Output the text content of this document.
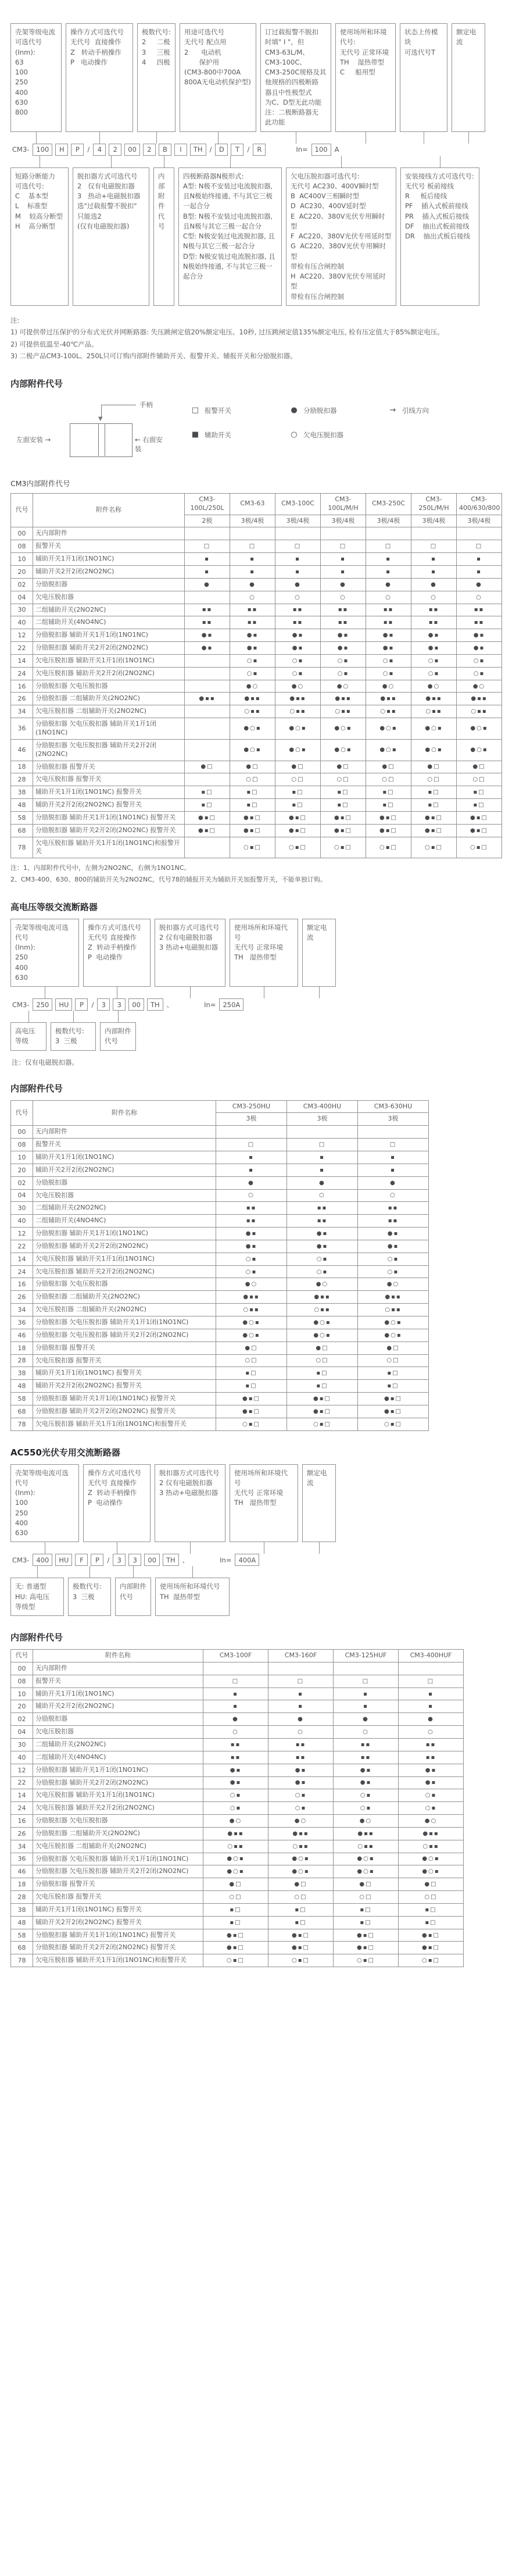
壳架等级电流
可选代号
(Inm):
63
100
250
400
630
800
操作方式可选代号
无代号  直接操作
Z   转动手柄操作
P   电动操作
极数代号:
2     二极
3     三极
4     四极
用途可选代号
无代号 配点用
2      电动机
保护用
(CM3-800中700A
800A无电动机保护型)
订过载报警不脱扣
时填" I "，但
CM3-63L/M、
CM3-100C、
CM3-250C规格及其
他规格的四极断路
器且中性极型式
为C、D型无此功能
注：二极断路器无
此功能
使用场所和环境
代号:
无代号 正常环境
TH    湿热带型
C     船用型
状态上传模块
可选代号T
额定电流
CM3-	100	H	P	/	4	2	00	2	B	I	TH	/	D	T	/	R	In=	100	A
短路分断能力
可选代号:
C    基本型
L    标准型
M    较高分断型
H    高分断型
脱扣器方式可选代号
2   仅有电磁脱扣器
3   热动+电磁脱扣器
选"过载报警不脱扣"
只能选2
(仅有电磁脱扣器)
内部
附件
代号
四极断路器N极形式:
A型: N极不安装过电流脱扣器, 且N极始终接通, 不与其它三极一起合分
B型: N极不安装过电流脱扣器, 且N极与其它三极一起合分
C型: N极安装过电流脱扣器, 且N极与其它三极一起合分
D型: N极安装过电流脱扣器, 且N极始终接通, 不与其它三极一起合分
欠电压脱扣器可选代号:
无代号 AC230、400V瞬时型
B  AC400V三相瞬时型
D  AC230、400V延时型
E  AC220、380V光伏专用瞬时型
F  AC220、380V光伏专用延时型
G  AC220、380V光伏专用瞬时型
带检有压合闸控制
H  AC220、380V光伏专用延时型
带检有压合闸控制
安装接线方式可选代号:
无代号 板前接线
R     板后接线
PF    插入式板前接线
PR    插入式板后接线
DF    抽出式板前接线
DR    抽出式板后接线

注:

1) 可提供带过压保护的分布式光伏并网断路器: 失压跳闸定值20%额定电压、10秒, 过压跳闸定值135%额定电压, 检有压定值大于85%额定电压。

2) 可提供低温至-40℃产品。

3) 二极产品CM3-100L、250L只可订购内部附件辅助开关、报警开关、辅报开关和分励脱扣器。

内部附件代号
▼
手柄
左面安装 →	← 右面安装
□ 报警开关	● 分励脱扣器	→ 引线方向
■ 辅助开关	○ 欠电压脱扣器
CM3内部附件代号
代号	附件名称	CM3-100L/250L	CM3-63	CM3-100C	CM3-100L/M/H	CM3-250C	CM3-250L/M/H	CM3-400/630/800
		2极	3极/4极	3极/4极	3极/4极	3极/4极	3极/4极	3极/4极
00	无内部附件							
08	报警开关	□	□	□	□	□	□	□
10	辅助开关1开1闭(1NO1NC)	▪	▪	▪	▪	▪	▪	▪
20	辅助开关2开2闭(2NO2NC)	▪	▪	▪	▪	▪	▪	▪
02	分励脱扣器	●	●	●	●	●	●	●
04	欠电压脱扣器		○	○	○	○	○	○
30	二组辅助开关(2NO2NC)	▪▪	▪▪	▪▪	▪▪	▪▪	▪▪	▪▪
40	二组辅助开关(4NO4NC)	▪▪	▪▪	▪▪	▪▪	▪▪	▪▪	▪▪
12	分励脱扣器 辅助开关1开1闭(1NO1NC)	●▪	●▪	●▪	●▪	●▪	●▪	●▪
22	分励脱扣器 辅助开关2开2闭(2NO2NC)	●▪	●▪	●▪	●▪	●▪	●▪	●▪
14	欠电压脱扣器 辅助开关1开1闭(1NO1NC)		○▪	○▪	○▪	○▪	○▪	○▪
24	欠电压脱扣器 辅助开关2开2闭(2NO2NC)		○▪	○▪	○▪	○▪	○▪	○▪
16	分励脱扣器 欠电压脱扣器		●○	●○	●○	●○	●○	●○
26	分励脱扣器 二组辅助开关(2NO2NC)	●▪▪	●▪▪	●▪▪	●▪▪	●▪▪	●▪▪	●▪▪
34	欠电压脱扣器 二组辅助开关(2NO2NC)		○▪▪	○▪▪	○▪▪	○▪▪	○▪▪	○▪▪
36	分励脱扣器 欠电压脱扣器 辅助开关1开1闭(1NO1NC)		●○▪	●○▪	●○▪	●○▪	●○▪	●○▪
46	分励脱扣器 欠电压脱扣器 辅助开关2开2闭(2NO2NC)		●○▪	●○▪	●○▪	●○▪	●○▪	●○▪
18	分励脱扣器 报警开关	●□	●□	●□	●□	●□	●□	●□
28	欠电压脱扣器 报警开关		○□	○□	○□	○□	○□	○□
38	辅助开关1开1闭(1NO1NC) 报警开关	▪□	▪□	▪□	▪□	▪□	▪□	▪□
48	辅助开关2开2闭(2NO2NC) 报警开关	▪□	▪□	▪□	▪□	▪□	▪□	▪□
58	分励脱扣器 辅助开关1开1闭(1NO1NC) 报警开关	●▪□	●▪□	●▪□	●▪□	●▪□	●▪□	●▪□
68	分励脱扣器 辅助开关2开2闭(2NO2NC) 报警开关	●▪□	●▪□	●▪□	●▪□	●▪□	●▪□	●▪□
78	欠电压脱扣器 辅助开关1开1闭(1NO1NC)和报警开关		○▪□	○▪□	○▪□	○▪□	○▪□	○▪□

注：1、内部附件代号中，左侧为2NO2NC，右侧为1NO1NC。

2、CM3-400、630、800的辅助开关为2NO2NC，代号78的辅报开关为辅助开关加报警开关，不能单独订购。

高电压等级交流断路器
壳架等级电流可选代号
(Inm):
250
400
630
操作方式可选代号
无代号 直接操作
Z  转动手柄操作
P  电动操作
脱扣器方式可选代号
2 仅有电磁脱扣器
3 热动+电磁脱扣器
使用场所和环境代号
无代号 正常环境
TH   湿热带型
额定电流
CM3-	250	HU	P	/	3	3	00	TH	、	In=	250A
高电压
等级
极数代号:
3  三极
内部附件
代号
注：仅有电磁脱扣器。
内部附件代号
代号	附件名称	CM3-250HU	CM3-400HU	CM3-630HU
		3极	3极	3极
00	无内部附件			
08	报警开关	□	□	□
10	辅助开关1开1闭(1NO1NC)	▪	▪	▪
20	辅助开关2开2闭(2NO2NC)	▪	▪	▪
02	分励脱扣器	●	●	●
04	欠电压脱扣器	○	○	○
30	二组辅助开关(2NO2NC)	▪▪	▪▪	▪▪
40	二组辅助开关(4NO4NC)	▪▪	▪▪	▪▪
12	分励脱扣器 辅助开关1开1闭(1NO1NC)	●▪	●▪	●▪
22	分励脱扣器 辅助开关2开2闭(2NO2NC)	●▪	●▪	●▪
14	欠电压脱扣器 辅助开关1开1闭(1NO1NC)	○▪	○▪	○▪
24	欠电压脱扣器 辅助开关2开2闭(2NO2NC)	○▪	○▪	○▪
16	分励脱扣器 欠电压脱扣器	●○	●○	●○
26	分励脱扣器 二组辅助开关(2NO2NC)	●▪▪	●▪▪	●▪▪
34	欠电压脱扣器 二组辅助开关(2NO2NC)	○▪▪	○▪▪	○▪▪
36	分励脱扣器 欠电压脱扣器 辅助开关1开1闭(1NO1NC)	●○▪	●○▪	●○▪
46	分励脱扣器 欠电压脱扣器 辅助开关2开2闭(2NO2NC)	●○▪	●○▪	●○▪
18	分励脱扣器 报警开关	●□	●□	●□
28	欠电压脱扣器 报警开关	○□	○□	○□
38	辅助开关1开1闭(1NO1NC) 报警开关	▪□	▪□	▪□
48	辅助开关2开2闭(2NO2NC) 报警开关	▪□	▪□	▪□
58	分励脱扣器 辅助开关1开1闭(1NO1NC) 报警开关	●▪□	●▪□	●▪□
68	分励脱扣器 辅助开关2开2闭(2NO2NC) 报警开关	●▪□	●▪□	●▪□
78	欠电压脱扣器 辅助开关1开1闭(1NO1NC)和报警开关	○▪□	○▪□	○▪□
AC550光伏专用交流断路器
壳架等级电流可选代号
(Inm):
100
250
400
630
操作方式可选代号
无代号 直接操作
Z  转动手柄操作
P  电动操作
脱扣器方式可选代号
2 仅有电磁脱扣器
3 热动+电磁脱扣器
使用场所和环境代号
无代号 正常环境
TH   湿热带型
额定电流
CM3-	400	HU	F	P	/	3	3	00	TH	、	In=	400A
无: 普通型
HU: 高电压
等级型
极数代号:
3  三极
内部附件
代号
使用场所和环境代号
TH  湿热带型
内部附件代号
代号	附件名称	CM3-100F	CM3-160F	CM3-125HUF	CM3-400HUF
00	无内部附件				
08	报警开关	□	□	□	□
10	辅助开关1开1闭(1NO1NC)	▪	▪	▪	▪
20	辅助开关2开2闭(2NO2NC)	▪	▪	▪	▪
02	分励脱扣器	●	●	●	●
04	欠电压脱扣器	○	○	○	○
30	二组辅助开关(2NO2NC)	▪▪	▪▪	▪▪	▪▪
40	二组辅助开关(4NO4NC)	▪▪	▪▪	▪▪	▪▪
12	分励脱扣器 辅助开关1开1闭(1NO1NC)	●▪	●▪	●▪	●▪
22	分励脱扣器 辅助开关2开2闭(2NO2NC)	●▪	●▪	●▪	●▪
14	欠电压脱扣器 辅助开关1开1闭(1NO1NC)	○▪	○▪	○▪	○▪
24	欠电压脱扣器 辅助开关2开2闭(2NO2NC)	○▪	○▪	○▪	○▪
16	分励脱扣器 欠电压脱扣器	●○	●○	●○	●○
26	分励脱扣器 二组辅助开关(2NO2NC)	●▪▪	●▪▪	●▪▪	●▪▪
34	欠电压脱扣器 二组辅助开关(2NO2NC)	○▪▪	○▪▪	○▪▪	○▪▪
36	分励脱扣器 欠电压脱扣器 辅助开关1开1闭(1NO1NC)	●○▪	●○▪	●○▪	●○▪
46	分励脱扣器 欠电压脱扣器 辅助开关2开2闭(2NO2NC)	●○▪	●○▪	●○▪	●○▪
18	分励脱扣器 报警开关	●□	●□	●□	●□
28	欠电压脱扣器 报警开关	○□	○□	○□	○□
38	辅助开关1开1闭(1NO1NC) 报警开关	▪□	▪□	▪□	▪□
48	辅助开关2开2闭(2NO2NC) 报警开关	▪□	▪□	▪□	▪□
58	分励脱扣器 辅助开关1开1闭(1NO1NC) 报警开关	●▪□	●▪□	●▪□	●▪□
68	分励脱扣器 辅助开关2开2闭(2NO2NC) 报警开关	●▪□	●▪□	●▪□	●▪□
78	欠电压脱扣器 辅助开关1开1闭(1NO1NC)和报警开关	○▪□	○▪□	○▪□	○▪□
